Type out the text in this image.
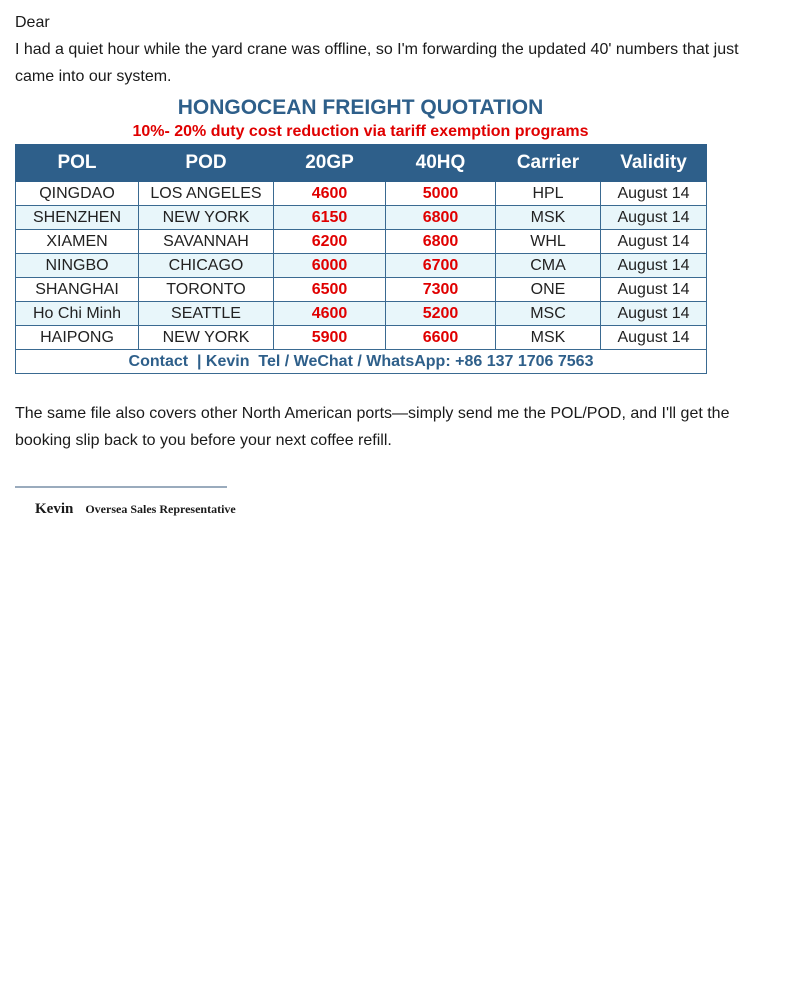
Dear

I had a quiet hour while the yard crane was offline, so I'm forwarding the updated 40' numbers that just came into our system.

HONGOCEAN FREIGHT QUOTATION
10%- 20% duty cost reduction via tariff exemption programs
POL	POD	20GP	40HQ	Carrier	Validity
QINGDAO	LOS ANGELES	4600	5000	HPL	August 14
SHENZHEN	NEW YORK	6150	6800	MSK	August 14
XIAMEN	SAVANNAH	6200	6800	WHL	August 14
NINGBO	CHICAGO	6000	6700	CMA	August 14
SHANGHAI	TORONTO	6500	7300	ONE	August 14
Ho Chi Minh	SEATTLE	4600	5200	MSC	August 14
HAIPONG	NEW YORK	5900	6600	MSK	August 14
Contact  | Kevin  Tel / WeChat / WhatsApp: +86 137 1706 7563					

The same file also covers other North American ports—simply send me the POL/POD, and I'll get the booking slip back to you before your next coffee refill.

Kevin Oversea Sales Representative
